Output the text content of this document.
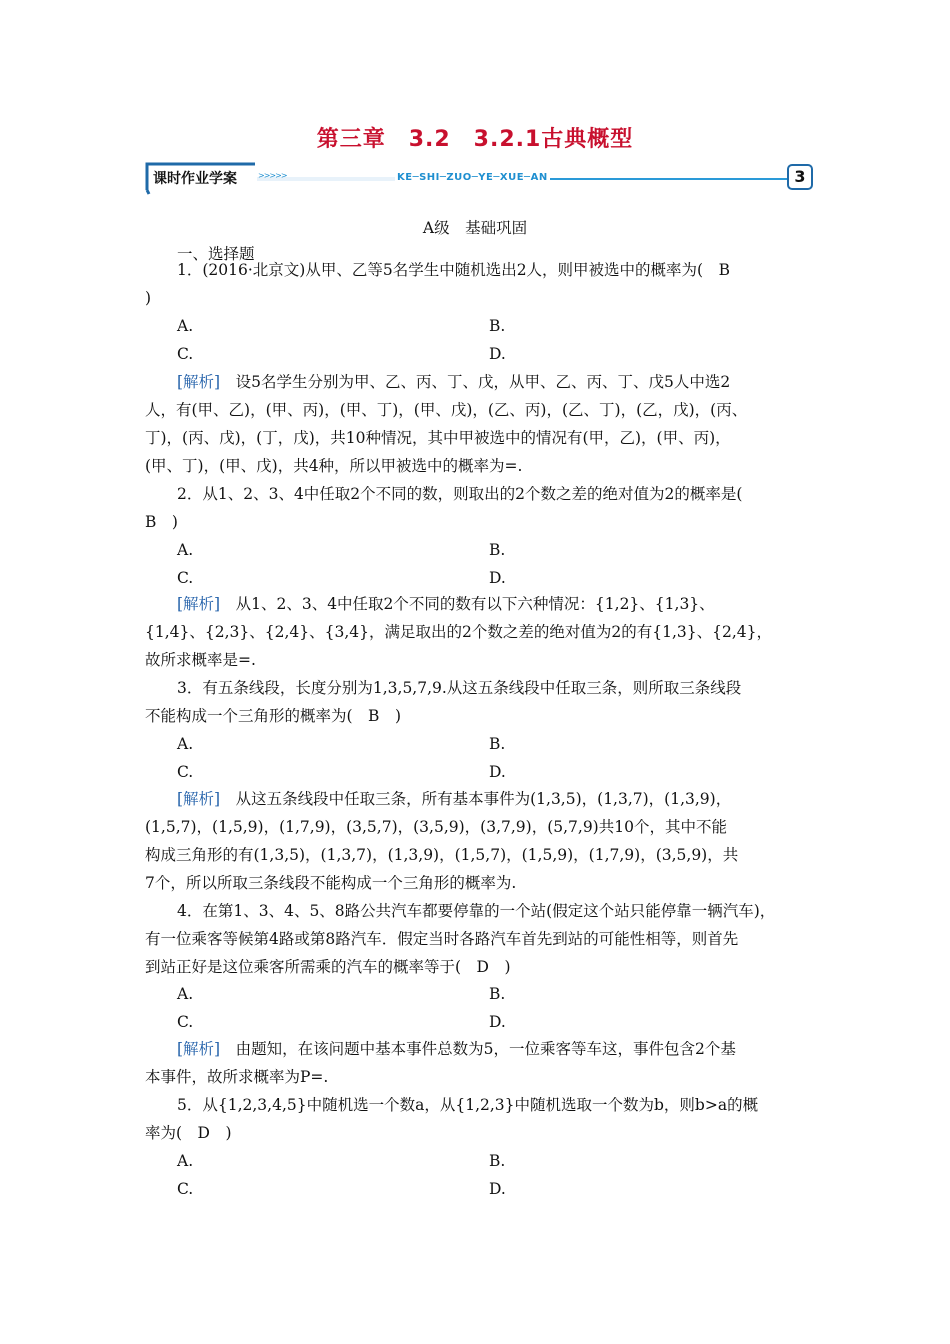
第三章　3.2　3.2.1古典概型
课时作业学案	>>>>>	KE─SHI─ZUO─YE─XUE─AN	3
A级　基础巩固
一、选择题
1．(2016·北京文)从甲、乙等5名学生中随机选出2人，则甲被选中的概率为(　B
)
A.	B.
C.	D.
[解析]　设5名学生分别为甲、乙、丙、丁、戊，从甲、乙、丙、丁、戊5人中选2
人，有(甲、乙)，(甲、丙)，(甲、丁)，(甲、戊)，(乙、丙)，(乙、丁)，(乙，戊)，(丙、
丁)，(丙、戊)，(丁，戊)，共10种情况，其中甲被选中的情况有(甲，乙)，(甲、丙)，
(甲、丁)，(甲、戊)，共4种，所以甲被选中的概率为=.
2．从1、2、3、4中任取2个不同的数，则取出的2个数之差的绝对值为2的概率是(
B　)
A.	B.
C.	D.
[解析]　从1、2、3、4中任取2个不同的数有以下六种情况：{1,2}、{1,3}、
{1,4}、{2,3}、{2,4}、{3,4}，满足取出的2个数之差的绝对值为2的有{1,3}、{2,4}，
故所求概率是=.
3．有五条线段，长度分别为1,3,5,7,9.从这五条线段中任取三条，则所取三条线段
不能构成一个三角形的概率为(　B　)
A.	B.
C.	D.
[解析]　从这五条线段中任取三条，所有基本事件为(1,3,5)，(1,3,7)，(1,3,9)，
(1,5,7)，(1,5,9)，(1,7,9)，(3,5,7)，(3,5,9)，(3,7,9)，(5,7,9)共10个，其中不能
构成三角形的有(1,3,5)，(1,3,7)，(1,3,9)，(1,5,7)，(1,5,9)，(1,7,9)，(3,5,9)，共
7个，所以所取三条线段不能构成一个三角形的概率为.
4．在第1、3、4、5、8路公共汽车都要停靠的一个站(假定这个站只能停靠一辆汽车)，
有一位乘客等候第4路或第8路汽车．假定当时各路汽车首先到站的可能性相等，则首先
到站正好是这位乘客所需乘的汽车的概率等于(　D　)
A.	B.
C.	D.
[解析]　由题知，在该问题中基本事件总数为5，一位乘客等车这，事件包含2个基
本事件，故所求概率为P=.
5．从{1,2,3,4,5}中随机选一个数a，从{1,2,3}中随机选取一个数为b，则b>a的概
率为(　D　)
A.	B.
C.	D.
